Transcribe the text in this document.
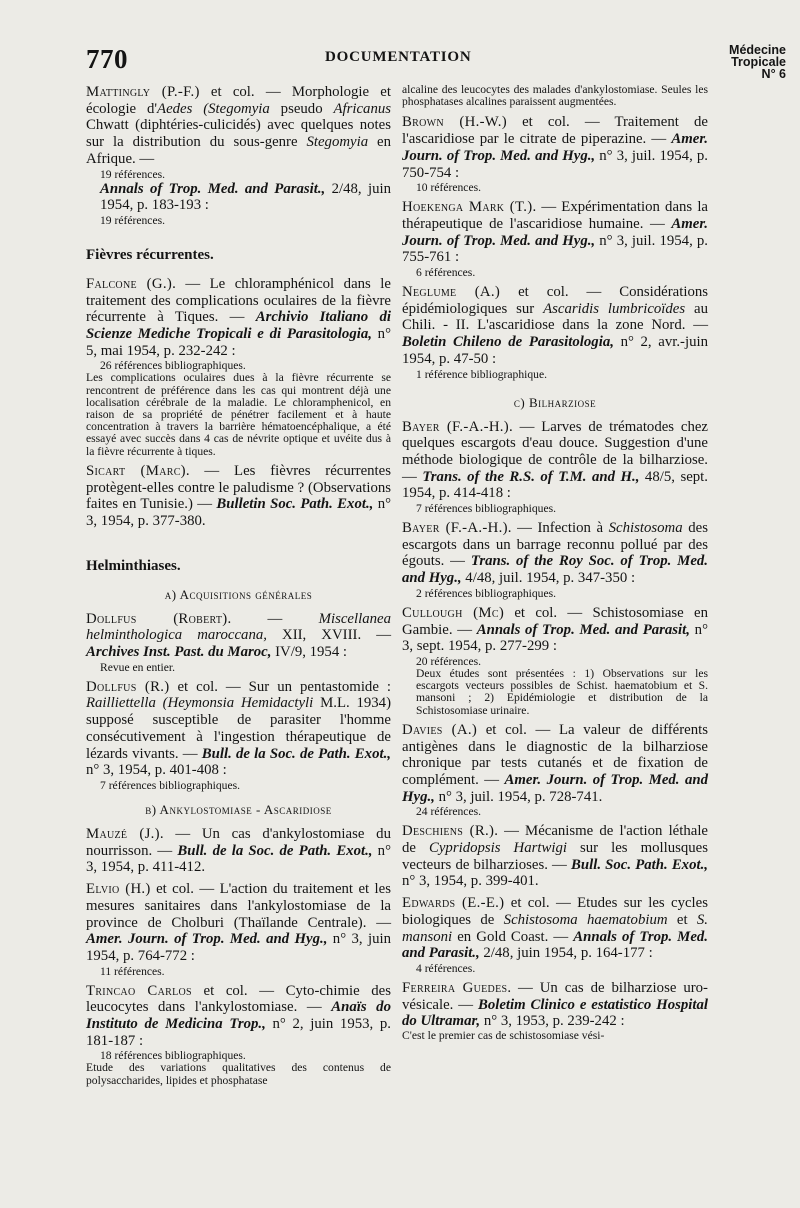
770	DOCUMENTATION	Médecine
Tropicale
N° 6
Mattingly (P.-F.) et col. — Morphologie et écologie d'Aedes (Stegomyia pseudo Africanus Chwatt (diphtéries-culicidés) avec quelques notes sur la distribution du sous-genre Stegomyia en Afrique. —
19 références.
Annals of Trop. Med. and Parasit., 2/48, juin 1954, p. 183-193 :
19 références.
Fièvres récurrentes.
Falcone (G.). — Le chloramphénicol dans le traitement des complications oculaires de la fièvre récurrente à Tiques. — Archivio Italiano di Scienze Mediche Tropicali e di Parasitologia, n° 5, mai 1954, p. 232-242 :
26 références bibliographiques.
Les complications oculaires dues à la fièvre récurrente se rencontrent de préférence dans les cas qui montrent déjà une localisation cérébrale de la maladie. Le chloramphenicol, en raison de sa propriété de pénétrer facilement et à haute concentration à travers la barrière hématoencéphalique, a été essayé avec succès dans 4 cas de névrite optique et uvéite dus à la fièvre récurrente à tiques.
Sicart (Marc). — Les fièvres récurrentes protègent-elles contre le paludisme ? (Observations faites en Tunisie.) — Bulletin Soc. Path. Exot., n° 3, 1954, p. 377-380.
Helminthiases.
a) Acquisitions générales
Dollfus (Robert). — Miscellanea helminthologica maroccana, XII, XVIII. — Archives Inst. Past. du Maroc, IV/9, 1954 :
Revue en entier.
Dollfus (R.) et col. — Sur un pentastomide : Railliettella (Heymonsia Hemidactyli M.L. 1934) supposé susceptible de parasiter l'homme consécutivement à l'ingestion thérapeutique de lézards vivants. — Bull. de la Soc. de Path. Exot., n° 3, 1954, p. 401-408 :
7 références bibliographiques.
b) Ankylostomiase - Ascaridiose
Mauzé (J.). — Un cas d'ankylostomiase du nourrisson. — Bull. de la Soc. de Path. Exot., n° 3, 1954, p. 411-412.
Elvio (H.) et col. — L'action du traitement et les mesures sanitaires dans l'ankylostomiase de la province de Cholburi (Thaïlande Centrale). — Amer. Journ. of Trop. Med. and Hyg., n° 3, juin 1954, p. 764-772 :
11 références.
Trincao Carlos et col. — Cyto-chimie des leucocytes dans l'ankylostomiase. — Anaïs do Instituto de Medicina Trop., n° 2, juin 1953, p. 181-187 :
18 références bibliographiques.
Etude des variations qualitatives des contenus de polysaccharides, lipides et phosphatase
alcaline des leucocytes des malades d'ankylostomiase. Seules les phosphatases alcalines paraissent augmentées.
Brown (H.-W.) et col. — Traitement de l'ascaridiose par le citrate de piperazine. — Amer. Journ. of Trop. Med. and Hyg., n° 3, juil. 1954, p. 750-754 :
10 références.
Hoekenga Mark (T.). — Expérimentation dans la thérapeutique de l'ascaridiose humaine. — Amer. Journ. of Trop. Med. and Hyg., n° 3, juil. 1954, p. 755-761 :
6 références.
Neglume (A.) et col. — Considérations épidémiologiques sur Ascaridis lumbricoïdes au Chili. - II. L'ascaridiose dans la zone Nord. — Boletin Chileno de Parasitologia, n° 2, avr.-juin 1954, p. 47-50 :
1 référence bibliographique.
c) Bilharziose
Bayer (F.-A.-H.). — Larves de trématodes chez quelques escargots d'eau douce. Suggestion d'une méthode biologique de contrôle de la bilharziose. — Trans. of the R.S. of T.M. and H., 48/5, sept. 1954, p. 414-418 :
7 références bibliographiques.
Bayer (F.-A.-H.). — Infection à Schistosoma des escargots dans un barrage reconnu pollué par des égouts. — Trans. of the Roy Soc. of Trop. Med. and Hyg., 4/48, juil. 1954, p. 347-350 :
2 références bibliographiques.
Cullough (Mc) et col. — Schistosomiase en Gambie. — Annals of Trop. Med. and Parasit, n° 3, sept. 1954, p. 277-299 :
20 références.
Deux études sont présentées : 1) Observations sur les escargots vecteurs possibles de Schist. haematobium et S. mansoni ; 2) Epidémiologie et distribution de la Schistosomiase urinaire.
Davies (A.) et col. — La valeur de différents antigènes dans le diagnostic de la bilharziose chronique par tests cutanés et de fixation de complément. — Amer. Journ. of Trop. Med. and Hyg., n° 3, juil. 1954, p. 728-741.
24 références.
Deschiens (R.). — Mécanisme de l'action léthale de Cypridopsis Hartwigi sur les mollusques vecteurs de bilharzioses. — Bull. Soc. Path. Exot., n° 3, 1954, p. 399-401.
Edwards (E.-E.) et col. — Etudes sur les cycles biologiques de Schistosoma haematobium et S. mansoni en Gold Coast. — Annals of Trop. Med. and Parasit., 2/48, juin 1954, p. 164-177 :
4 références.
Ferreira Guedes. — Un cas de bilharziose uro-vésicale. — Boletim Clinico e estatistico Hospital do Ultramar, n° 3, 1953, p. 239-242 :
C'est le premier cas de schistosomiase vési-
